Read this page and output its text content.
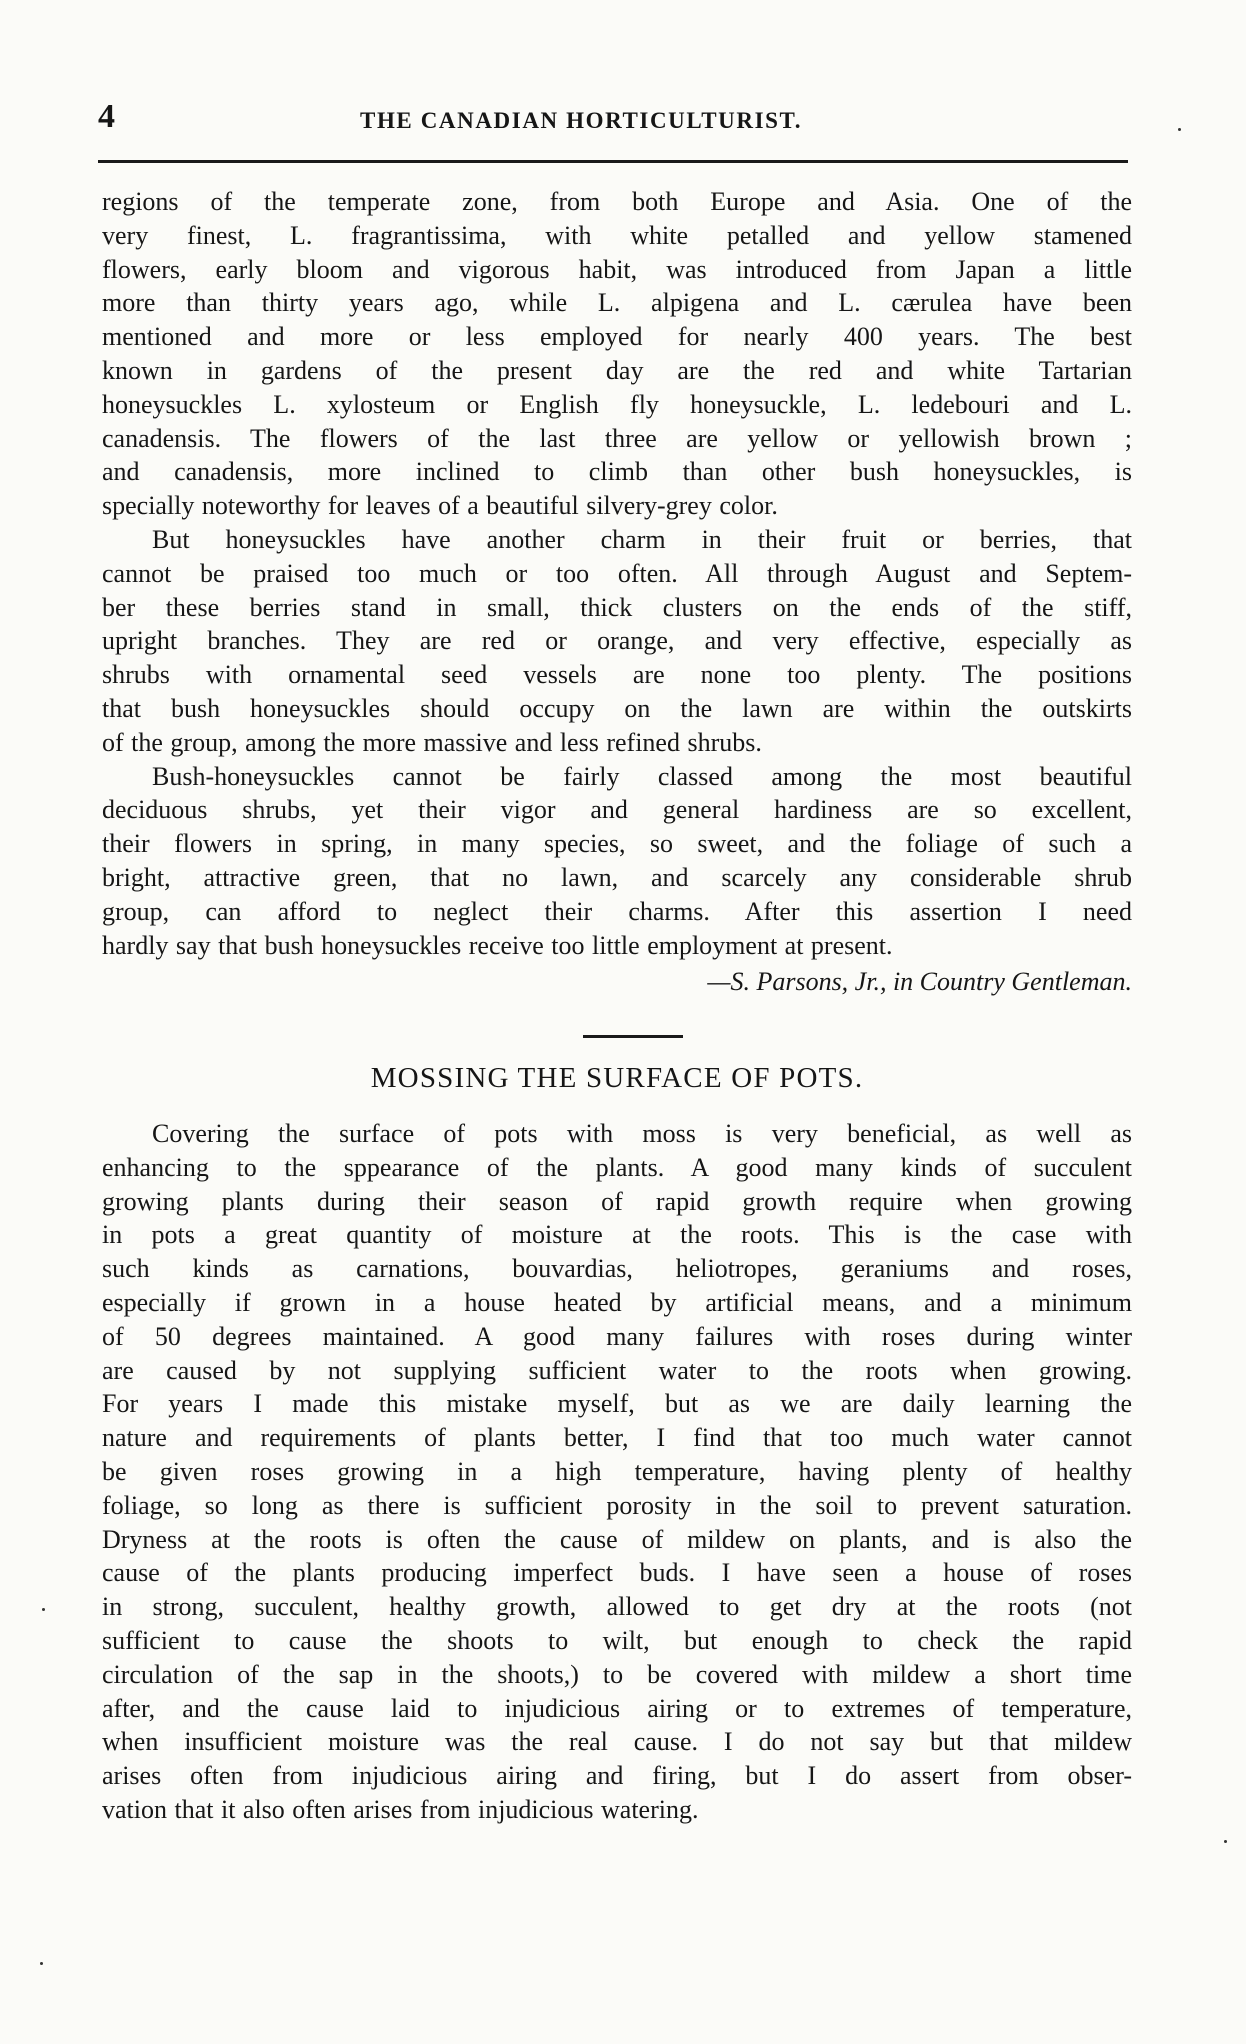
4	THE CANADIAN HORTICULTURIST.
regions of the temperate zone, from both Europe and Asia. One of the
very finest, L. fragrantissima, with white petalled and yellow stamened
flowers, early bloom and vigorous habit, was introduced from Japan a little
more than thirty years ago, while L. alpigena and L. cærulea have been
mentioned and more or less employed for nearly 400 years. The best
known in gardens of the present day are the red and white Tartarian
honeysuckles L. xylosteum or English fly honeysuckle, L. ledebouri and L.
canadensis. The flowers of the last three are yellow or yellowish brown ;
and canadensis, more inclined to climb than other bush honeysuckles, is
specially noteworthy for leaves of a beautiful silvery-grey color.
But honeysuckles have another charm in their fruit or berries, that
cannot be praised too much or too often. All through August and Septem-
ber these berries stand in small, thick clusters on the ends of the stiff,
upright branches. They are red or orange, and very effective, especially as
shrubs with ornamental seed vessels are none too plenty. The positions
that bush honeysuckles should occupy on the lawn are within the outskirts
of the group, among the more massive and less refined shrubs.
Bush-honeysuckles cannot be fairly classed among the most beautiful
deciduous shrubs, yet their vigor and general hardiness are so excellent,
their flowers in spring, in many species, so sweet, and the foliage of such a
bright, attractive green, that no lawn, and scarcely any considerable shrub
group, can afford to neglect their charms. After this assertion I need
hardly say that bush honeysuckles receive too little employment at present.
—S. Parsons, Jr., in Country Gentleman.
MOSSING THE SURFACE OF POTS.
Covering the surface of pots with moss is very beneficial, as well as
enhancing to the sppearance of the plants. A good many kinds of succulent
growing plants during their season of rapid growth require when growing
in pots a great quantity of moisture at the roots. This is the case with
such kinds as carnations, bouvardias, heliotropes, geraniums and roses,
especially if grown in a house heated by artificial means, and a minimum
of 50 degrees maintained. A good many failures with roses during winter
are caused by not supplying sufficient water to the roots when growing.
For years I made this mistake myself, but as we are daily learning the
nature and requirements of plants better, I find that too much water cannot
be given roses growing in a high temperature, having plenty of healthy
foliage, so long as there is sufficient porosity in the soil to prevent saturation.
Dryness at the roots is often the cause of mildew on plants, and is also the
cause of the plants producing imperfect buds. I have seen a house of roses
in strong, succulent, healthy growth, allowed to get dry at the roots (not
sufficient to cause the shoots to wilt, but enough to check the rapid
circulation of the sap in the shoots,) to be covered with mildew a short time
after, and the cause laid to injudicious airing or to extremes of temperature,
when insufficient moisture was the real cause. I do not say but that mildew
arises often from injudicious airing and firing, but I do assert from obser-
vation that it also often arises from injudicious watering.
